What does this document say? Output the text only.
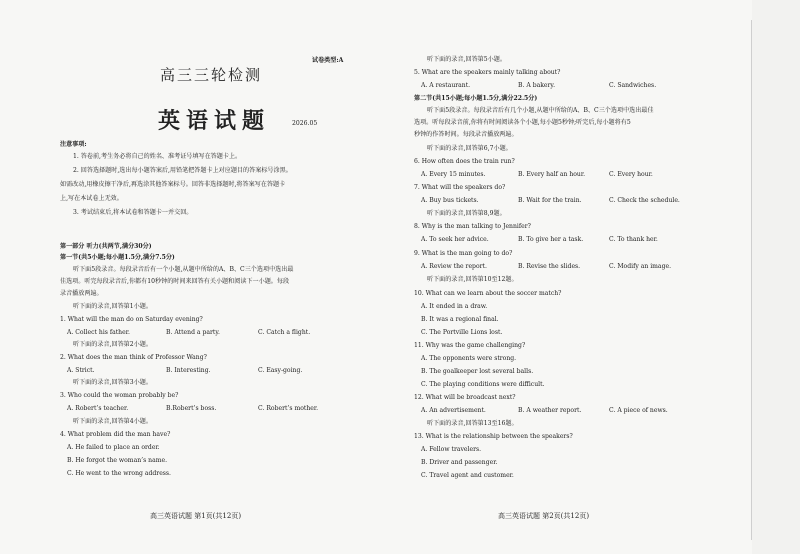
试卷类型:A
高三三轮检测
英语试题	2026.05
注意事项:
1. 答卷前,考生务必将自己的姓名、准考证号填写在答题卡上。
2. 回答选择题时,选出每小题答案后,用铅笔把答题卡上对应题目的答案标号涂黑。
如需改动,用橡皮擦干净后,再选涂其他答案标号。回答非选择题时,将答案写在答题卡
上,写在本试卷上无效。
3. 考试结束后,将本试卷和答题卡一并交回。
第一部分 听力(共两节,满分30分)
第一节(共5小题;每小题1.5分,满分7.5分)
听下面5段录音。每段录音后有一个小题,从题中所给的A、B、C三个选项中选出最
佳选项。听完每段录音后,你都有10秒钟的时间来回答有关小题和阅读下一小题。每段
录音播放两遍。
听下面的录音,回答第1小题。
1. What will the man do on Saturday evening?
A. Collect his father.	B. Attend a party.	C. Catch a flight.
听下面的录音,回答第2小题。
2. What does the man think of Professor Wang?
A. Strict.	B. Interesting.	C. Easy-going.
听下面的录音,回答第3小题。
3. Who could the woman probably be?
A. Robert’s teacher.	B.Robert’s boss.	C. Robert’s mother.
听下面的录音,回答第4小题。
4. What problem did the man have?
A. He failed to place an order.
B. He forgot the woman’s name.
C. He went to the wrong address.
高三英语试题 第1页(共12页)
听下面的录音,回答第5小题。
5. What are the speakers mainly talking about?
A. A restaurant.	B. A bakery.	C. Sandwiches.
第二节(共15小题;每小题1.5分,满分22.5分)
听下面5段录音。每段录音后有几个小题,从题中所给的A、B、C三个选项中选出最佳
选项。听每段录音前,你将有时间阅读各个小题,每小题5秒钟;听完后,每小题将有5
秒钟的作答时间。每段录音播放两遍。
听下面的录音,回答第6,7小题。
6. How often does the train run?
A. Every 15 minutes.	B. Every half an hour.	C. Every hour.
7. What will the speakers do?
A. Buy bus tickets.	B. Wait for the train.	C. Check the schedule.
听下面的录音,回答第8,9题。
8. Why is the man talking to Jennifer?
A. To seek her advice.	B. To give her a task.	C. To thank her.
9. What is the man going to do?
A. Review the report.	B. Revise the slides.	C. Modify an image.
听下面的录音,回答第10至12题。
10. What can we learn about the soccer match?
A. It ended in a draw.
B. It was a regional final.
C. The Portville Lions lost.
11. Why was the game challenging?
A. The opponents were strong.
B. The goalkeeper lost several balls.
C. The playing conditions were difficult.
12. What will be broadcast next?
A. An advertisement.	B. A weather report.	C. A piece of news.
听下面的录音,回答第13至16题。
13. What is the relationship between the speakers?
A. Fellow travelers.
B. Driver and passenger.
C. Travel agent and customer.
高三英语试题 第2页(共12页)
